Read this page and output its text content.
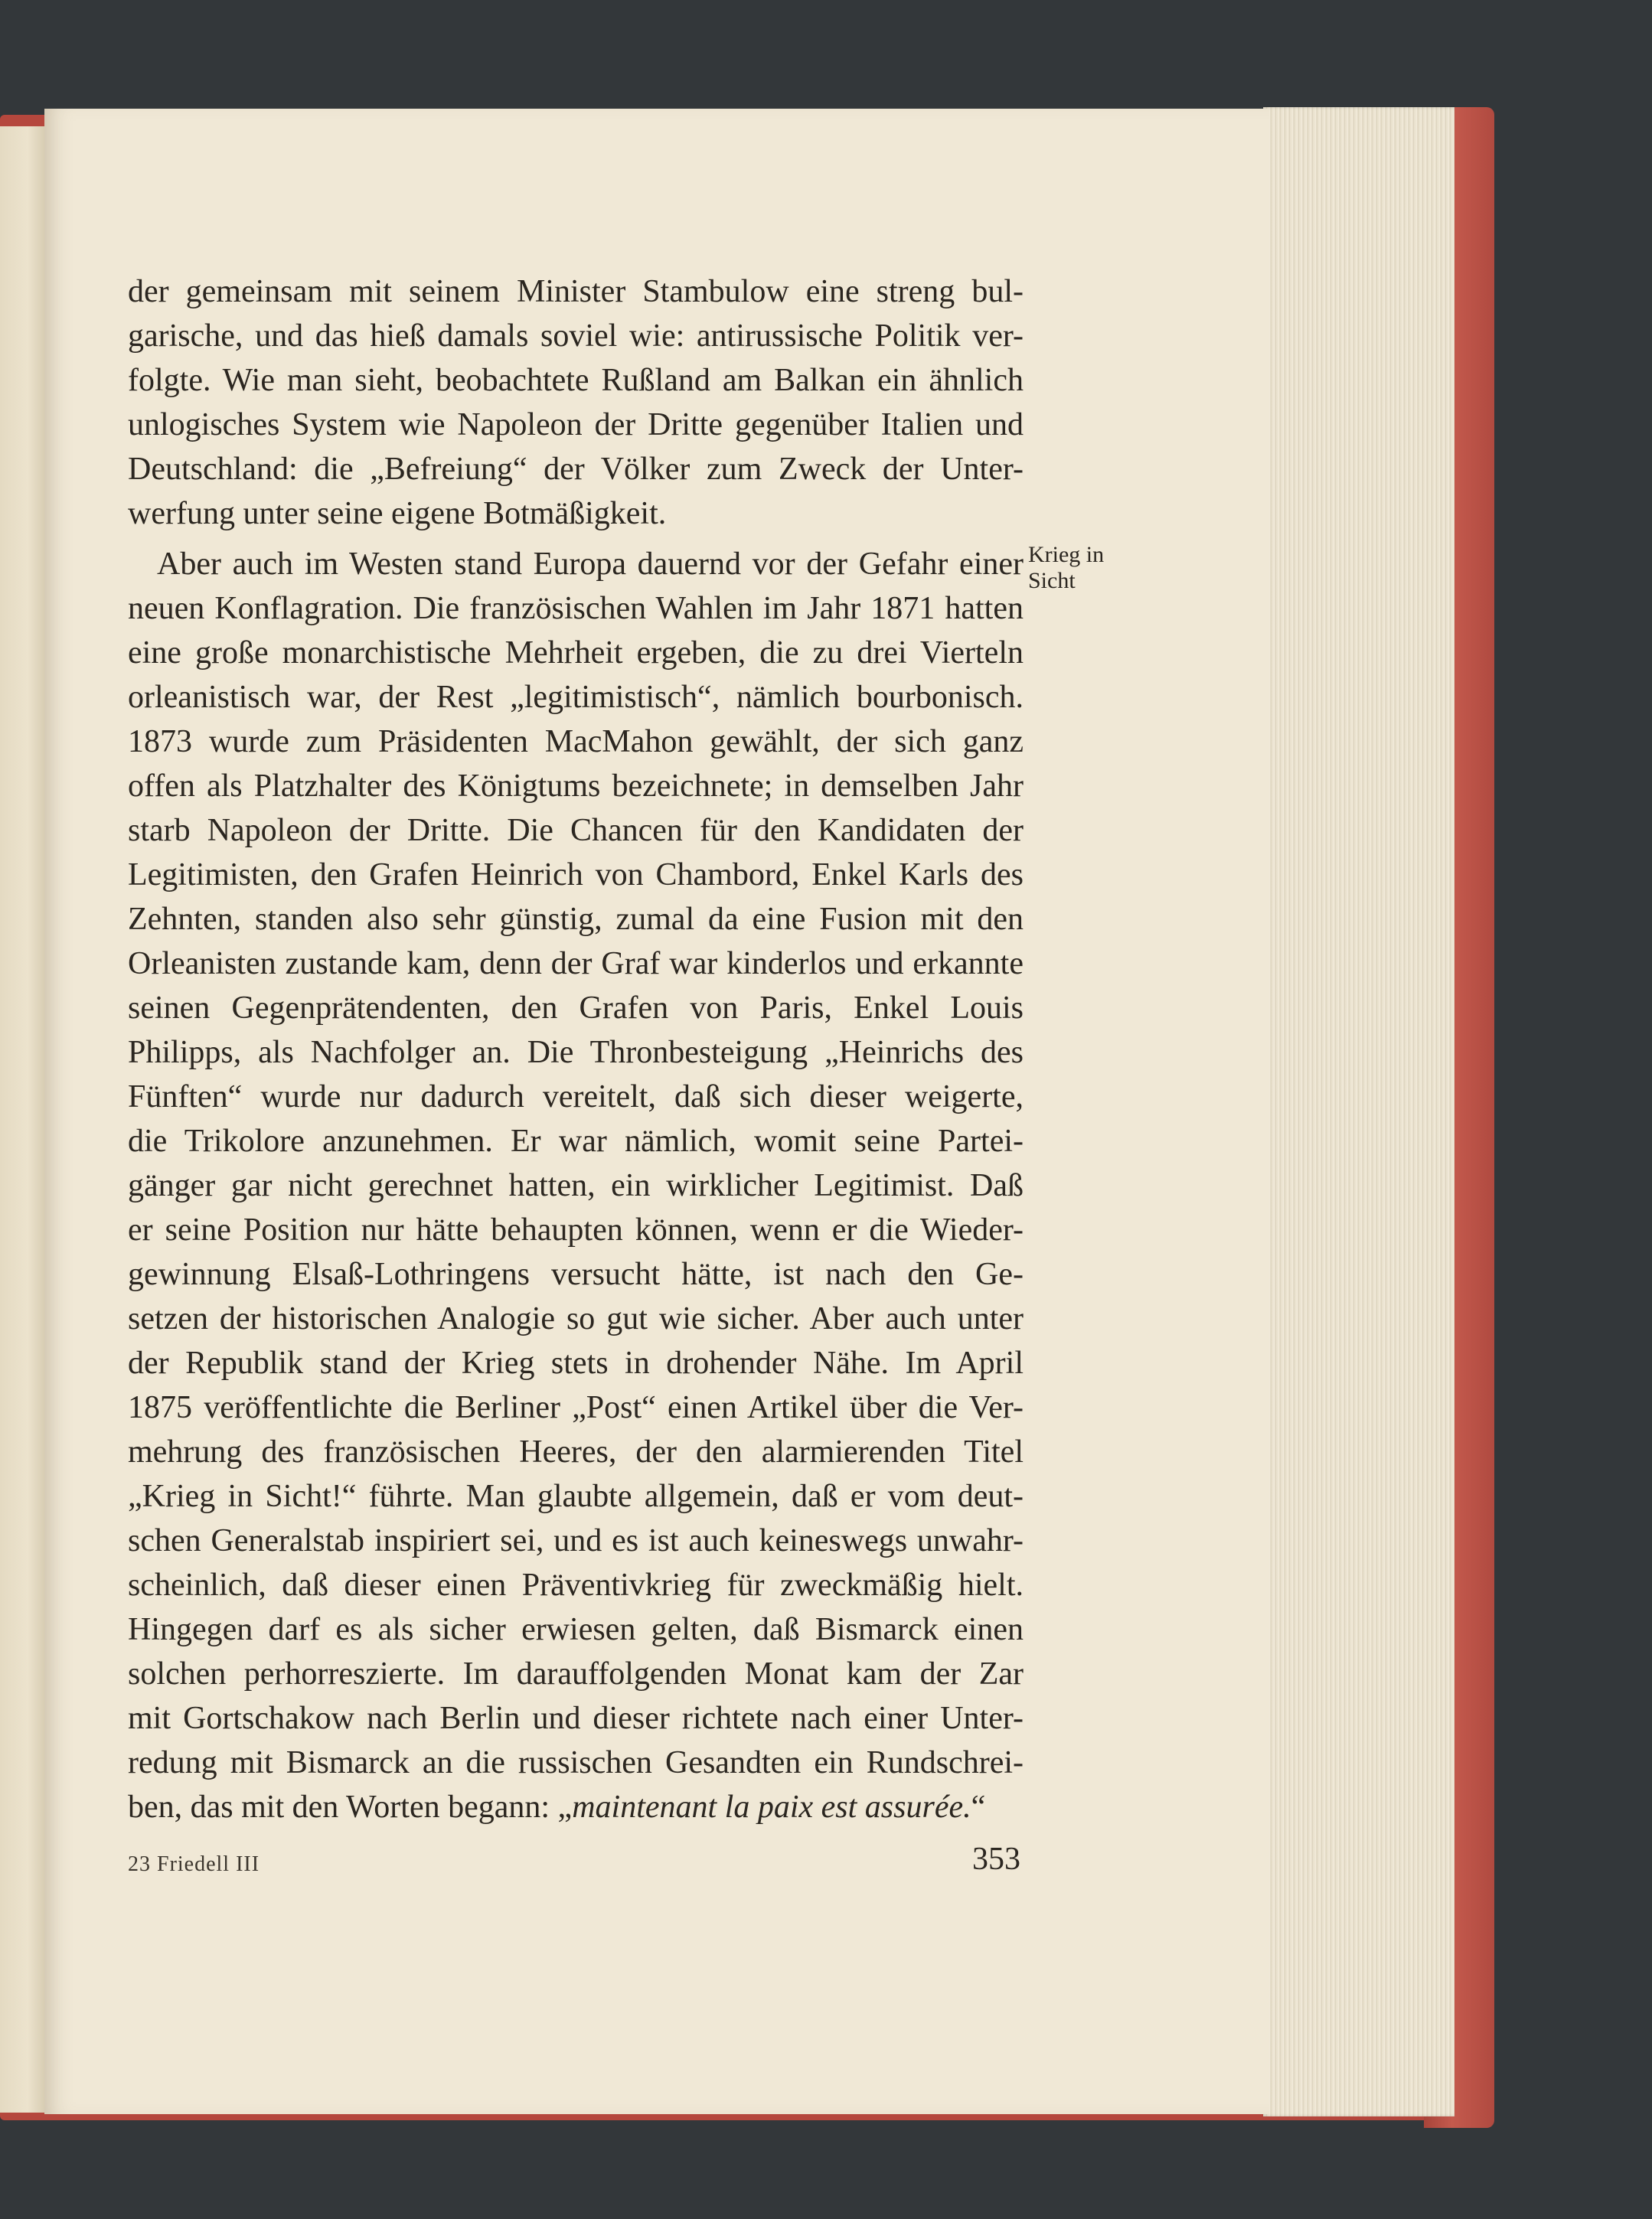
der gemeinsam mit seinem Minister Stambulow eine streng bul-
garische, und das hieß damals soviel wie: antirussische Politik ver-
folgte. Wie man sieht, beobachtete Rußland am Balkan ein ähnlich
unlogisches System wie Napoleon der Dritte gegenüber Italien und
Deutschland: die „Befreiung“ der Völker zum Zweck der Unter-
werfung unter seine eigene Botmäßigkeit.
Aber auch im Westen stand Europa dauernd vor der Gefahr einer
neuen Konflagration. Die französischen Wahlen im Jahr 1871 hatten
eine große monarchistische Mehrheit ergeben, die zu drei Vierteln
orleanistisch war, der Rest „legitimistisch“, nämlich bourbonisch.
1873 wurde zum Präsidenten MacMahon gewählt, der sich ganz
offen als Platzhalter des Königtums bezeichnete; in demselben Jahr
starb Napoleon der Dritte. Die Chancen für den Kandidaten der
Legitimisten, den Grafen Heinrich von Chambord, Enkel Karls des
Zehnten, standen also sehr günstig, zumal da eine Fusion mit den
Orleanisten zustande kam, denn der Graf war kinderlos und erkannte
seinen Gegenprätendenten, den Grafen von Paris, Enkel Louis
Philipps, als Nachfolger an. Die Thronbesteigung „Heinrichs des
Fünften“ wurde nur dadurch vereitelt, daß sich dieser weigerte,
die Trikolore anzunehmen. Er war nämlich, womit seine Partei-
gänger gar nicht gerechnet hatten, ein wirklicher Legitimist. Daß
er seine Position nur hätte behaupten können, wenn er die Wieder-
gewinnung Elsaß-Lothringens versucht hätte, ist nach den Ge-
setzen der historischen Analogie so gut wie sicher. Aber auch unter
der Republik stand der Krieg stets in drohender Nähe. Im April
1875 veröffentlichte die Berliner „Post“ einen Artikel über die Ver-
mehrung des französischen Heeres, der den alarmierenden Titel
„Krieg in Sicht!“ führte. Man glaubte allgemein, daß er vom deut-
schen Generalstab inspiriert sei, und es ist auch keineswegs unwahr-
scheinlich, daß dieser einen Präventivkrieg für zweckmäßig hielt.
Hingegen darf es als sicher erwiesen gelten, daß Bismarck einen
solchen perhorreszierte. Im darauffolgenden Monat kam der Zar
mit Gortschakow nach Berlin und dieser richtete nach einer Unter-
redung mit Bismarck an die russischen Gesandten ein Rundschrei-
ben, das mit den Worten begann: „maintenant la paix est assurée.“
Krieg in
Sicht
23 Friedell III	353
